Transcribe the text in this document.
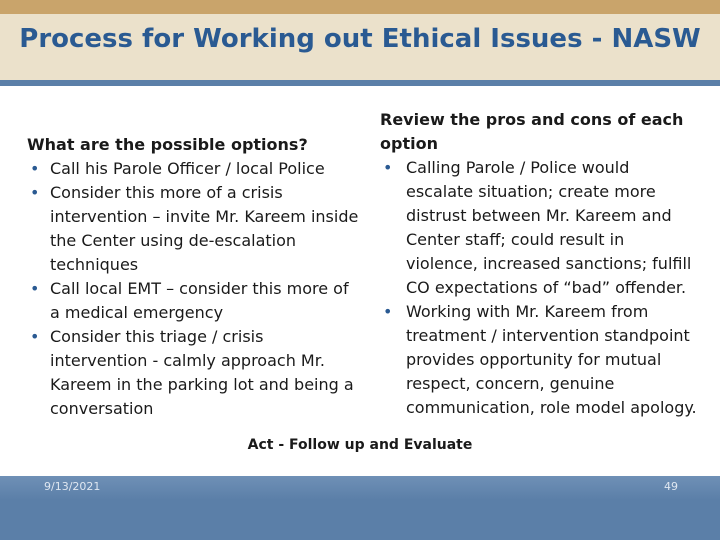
Process for Working out Ethical Issues - NASW

What are the possible options?

• Call his Parole Officer / local Police
• Consider this more of a crisis intervention – invite Mr. Kareem inside the Center using de-escalation techniques
• Call local EMT – consider this more of a medical emergency
• Consider this triage / crisis intervention - calmly approach Mr. Kareem in the parking lot and being a conversation

Review the pros and cons of each option

• Calling Parole / Police would escalate situation; create more distrust between Mr. Kareem and Center staff; could result in violence, increased sanctions; fulfill CO expectations of “bad” offender.
• Working with Mr. Kareem from treatment / intervention standpoint provides opportunity for mutual respect, concern, genuine communication, role model apology.
Act - Follow up and Evaluate
9/13/2021	49
